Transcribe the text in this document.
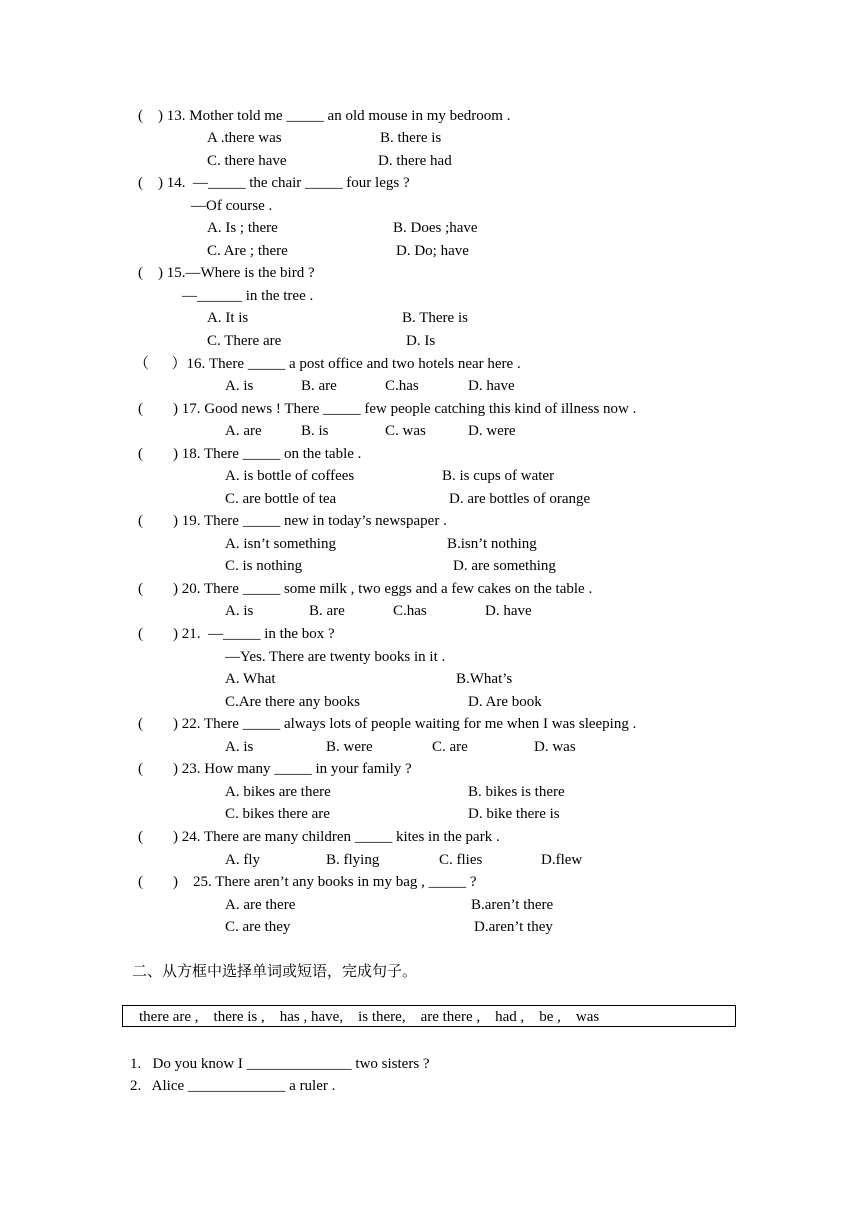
(    ) 13. Mother told me _____ an old mouse in my bedroom .
A .there was	B. there is
C. there have	D. there had
(    ) 14.  —_____ the chair _____ four legs ?
—Of course .
A. Is ; there	B. Does ;have
C. Are ; there	D. Do; have
(    ) 15.—Where is the bird ?
—______ in the tree .
A. It is	B. There is
C. There are	D. Is
（      ）16. There _____ a post office and two hotels near here .
A. is	B. are	C.has	D. have
(        ) 17. Good news ! There _____ few people catching this kind of illness now .
A. are	B. is	C. was	D. were
(        ) 18. There _____ on the table .
A. is bottle of coffees	B. is cups of water
C. are bottle of tea	D. are bottles of orange
(        ) 19. There _____ new in today’s newspaper .
A. isn’t something	B.isn’t nothing
C. is nothing	D. are something
(        ) 20. There _____ some milk , two eggs and a few cakes on the table .
A. is	B. are	C.has	D. have
(        ) 21.  —_____ in the box ?
—Yes. There are twenty books in it .
A. What	B.What’s
C.Are there any books	D. Are book
(        ) 22. There _____ always lots of people waiting for me when I was sleeping .
A. is	B. were	C. are	D. was
(        ) 23. How many _____ in your family ?
A. bikes are there	B. bikes is there
C. bikes there are	D. bike there is
(        ) 24. There are many children _____ kites in the park .
A. fly	B. flying	C. flies	D.flew
(        )    25. There aren’t any books in my bag , _____ ?
A. are there	B.aren’t there
C. are they	D.aren’t they
二、从方框中选择单词或短语，完成句子。
there are ,    there is ,    has , have,    is there,    are there ,    had ,    be ,    was
1.   Do you know I ______________ two sisters ?
2.   Alice _____________ a ruler .
